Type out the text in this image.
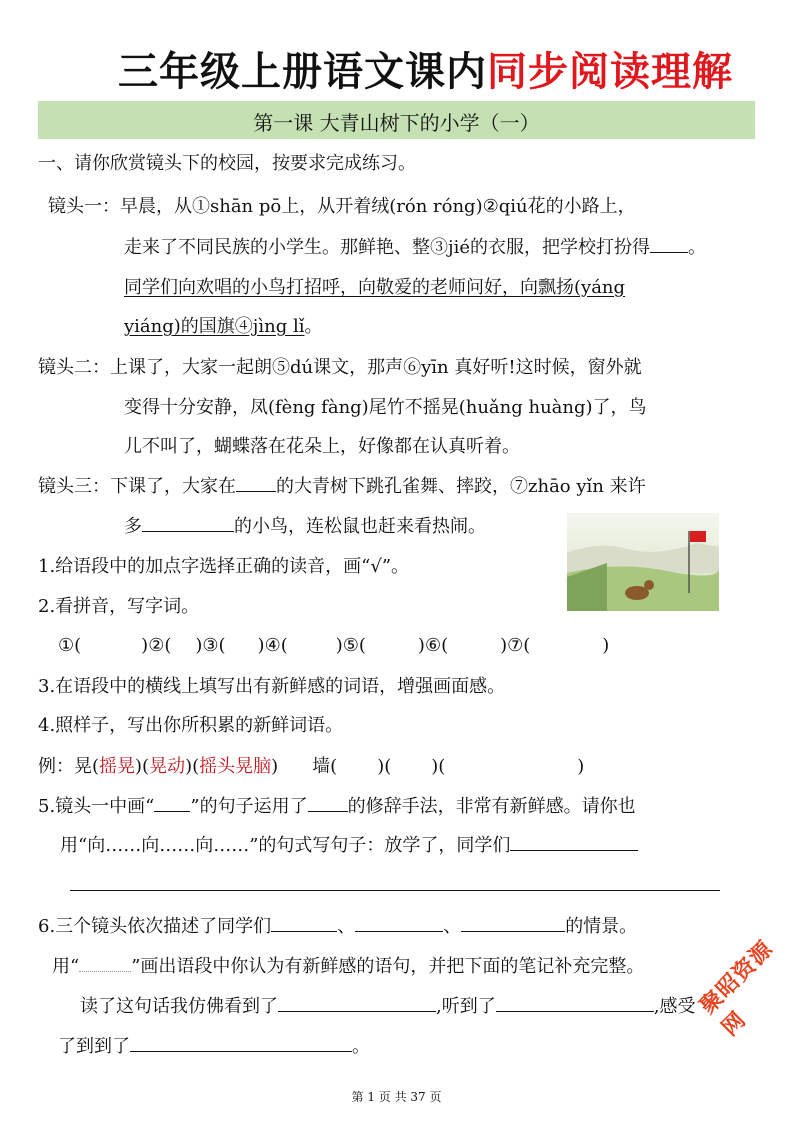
三年级上册语文课内同步阅读理解
第一课 大青山树下的小学（一）
一、请你欣赏镜头下的校园，按要求完成练习。
镜头一：早晨，从①shān pō上，从开着绒(rón róng)②qiú花的小路上，
走来了不同民族的小学生。那鲜艳、整③jié的衣服，把学校打扮得 。
同学们向欢唱的小鸟打招呼，向敬爱的老师问好，向飘扬(yáng
yiáng)的国旗④jìng lǐ。
镜头二：上课了，大家一起朗⑤dú课文，那声⑥yīn 真好听!这时候，窗外就
变得十分安静，凤(fèng fàng)尾竹不摇晃(huǎng huàng)了，鸟
儿不叫了，蝴蝶落在花朵上，好像都在认真听着。
镜头三：下课了，大家在 的大青树下跳孔雀舞、摔跤，⑦zhāo yǐn 来许
多	的小鸟，连松鼠也赶来看热闹。
1.给语段中的加点字选择正确的读音，画“√”。
2.看拼音，写字词。
①(	)②( )③( )④(	)⑤(	)⑥(	)⑦(	)
3.在语段中的横线上填写出有新鲜感的词语，增强画面感。
4.照样子，写出你所积累的新鲜词语。
例：晃(摇晃)(晃动)(摇头晃脑) 墙( )( )(	)
5.镜头一中画“ ”的句子运用了 的修辞手法，非常有新鲜感。请你也
用“向……向……向……”的句式写句子：放学了，同学们
6.三个镜头依次描述了同学们	、	、	的情景。
用“	”画出语段中你认为有新鲜感的语句，并把下面的笔记补充完整。
读了这句话我仿佛看到了	,听到了	,感受
了到到了	。
聚昭资源网
第 1 页 共 37 页
